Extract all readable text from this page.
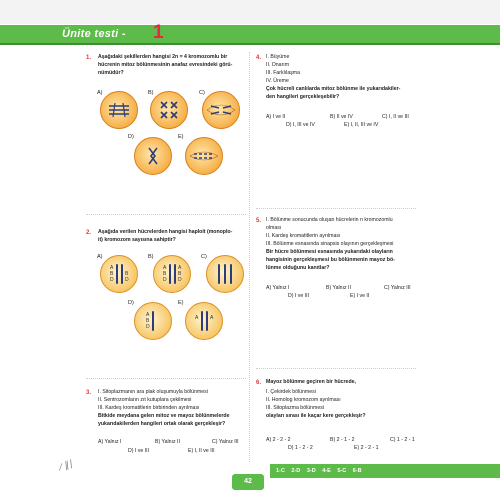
Ünite testi - 1
1. Aşağıdaki şekillerden hangisi 2n = 4 kromozomlu bir
hücrenin mitoz bölünmesinin anafaz evresindeki görü-
nümüdür?
A)	B)	C)
D)	E)
2. Aşağıda verilen hücrelerden hangisi haploit (monoplo-
it) kromozom sayısına sahiptir?
A)
A
B
D
B
D
B)
A
B
D
A
B
D
C)
D)
A
B
D
E)
A A
3. I. Sitoplazmanın ara plak oluşumuyla bölünmesi
II. Sentrozomların zıt kutuplara çekilmesi
III. Kardeş kromatitlerin birbirinden ayrılması
Bitkide meydana gelen mitoz ve mayoz bölünmelerde
yukarıdakilerden hangileri ortak olarak gerçekleşir?
A) Yalnız I	B) Yalnız II	C) Yalnız III
D) I ve III	E) I, II ve III
4. I. Büyüme
II. Onarım
III. Farklılaşma
IV. Üreme
Çok hücreli canlılarda mitoz bölünme ile yukarıdakiler-
den hangileri gerçekleşebilir?
A) I ve II	B) II ve IV	C) I, II ve III
D) I, III ve IV	E) I, II, III ve IV
5. I. Bölünme sonucunda oluşan hücrelerin n kromozomlu
olması
II. Kardeş kromatitlerin ayrılması
III. Bölünme esnasında sinapsis olayının gerçekleşmesi
Bir hücre bölünmesi esnasında yukarıdaki olayların
hangisinin gerçekleşmesi bu bölünmenin mayoz bö-
lünme olduğunu kanıtlar?
A) Yalnız I	B) Yalnız II	C) Yalnız III
D) I ve III	E) I ve II
6. Mayoz bölünme geçiren bir hücrede,
I. Çekirdek bölünmesi
II. Homolog kromozom ayrılması
III. Sitoplazma bölünmesi
olayları sırası ile kaçar kere gerçekleşir?
A) 2 - 2 - 2	B) 2 - 1 - 2	C) 1 - 2 - 1
D) 1 - 2 - 2	E) 2 - 2 - 1
⁄ ∥∣
42
1-C 2-D 3-D 4-E 5-C 6-B
